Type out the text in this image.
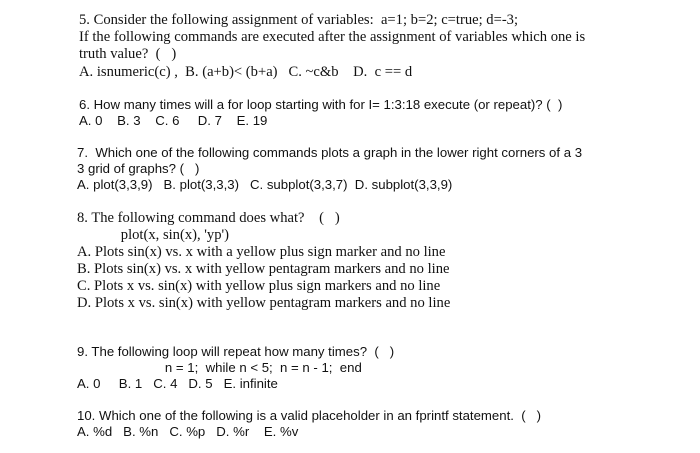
5. Consider the following assignment of variables:  a=1; b=2; c=true; d=-3;
If the following commands are executed after the assignment of variables which one is
truth value?  (   )
A. isnumeric(c) ,  B. (a+b)< (b+a)   C. ~c&b    D.  c == d
6. How many times will a for loop starting with for I= 1:3:18 execute (or repeat)? (  )
A. 0    B. 3    C. 6     D. 7    E. 19
7.  Which one of the following commands plots a graph in the lower right corners of a 3
3 grid of graphs? (   )
A. plot(3,3,9)   B. plot(3,3,3)   C. subplot(3,3,7)  D. subplot(3,3,9)
8. The following command does what?    (   )
plot(x, sin(x), 'yp')
A. Plots sin(x) vs. x with a yellow plus sign marker and no line
B. Plots sin(x) vs. x with yellow pentagram markers and no line
C. Plots x vs. sin(x) with yellow plus sign markers and no line
D. Plots x vs. sin(x) with yellow pentagram markers and no line
9. The following loop will repeat how many times?  (   )
n = 1;  while n < 5;  n = n - 1;  end
A. 0     B. 1   C. 4   D. 5   E. infinite
10. Which one of the following is a valid placeholder in an fprintf statement.  (   )
A. %d   B. %n   C. %p   D. %r    E. %v
